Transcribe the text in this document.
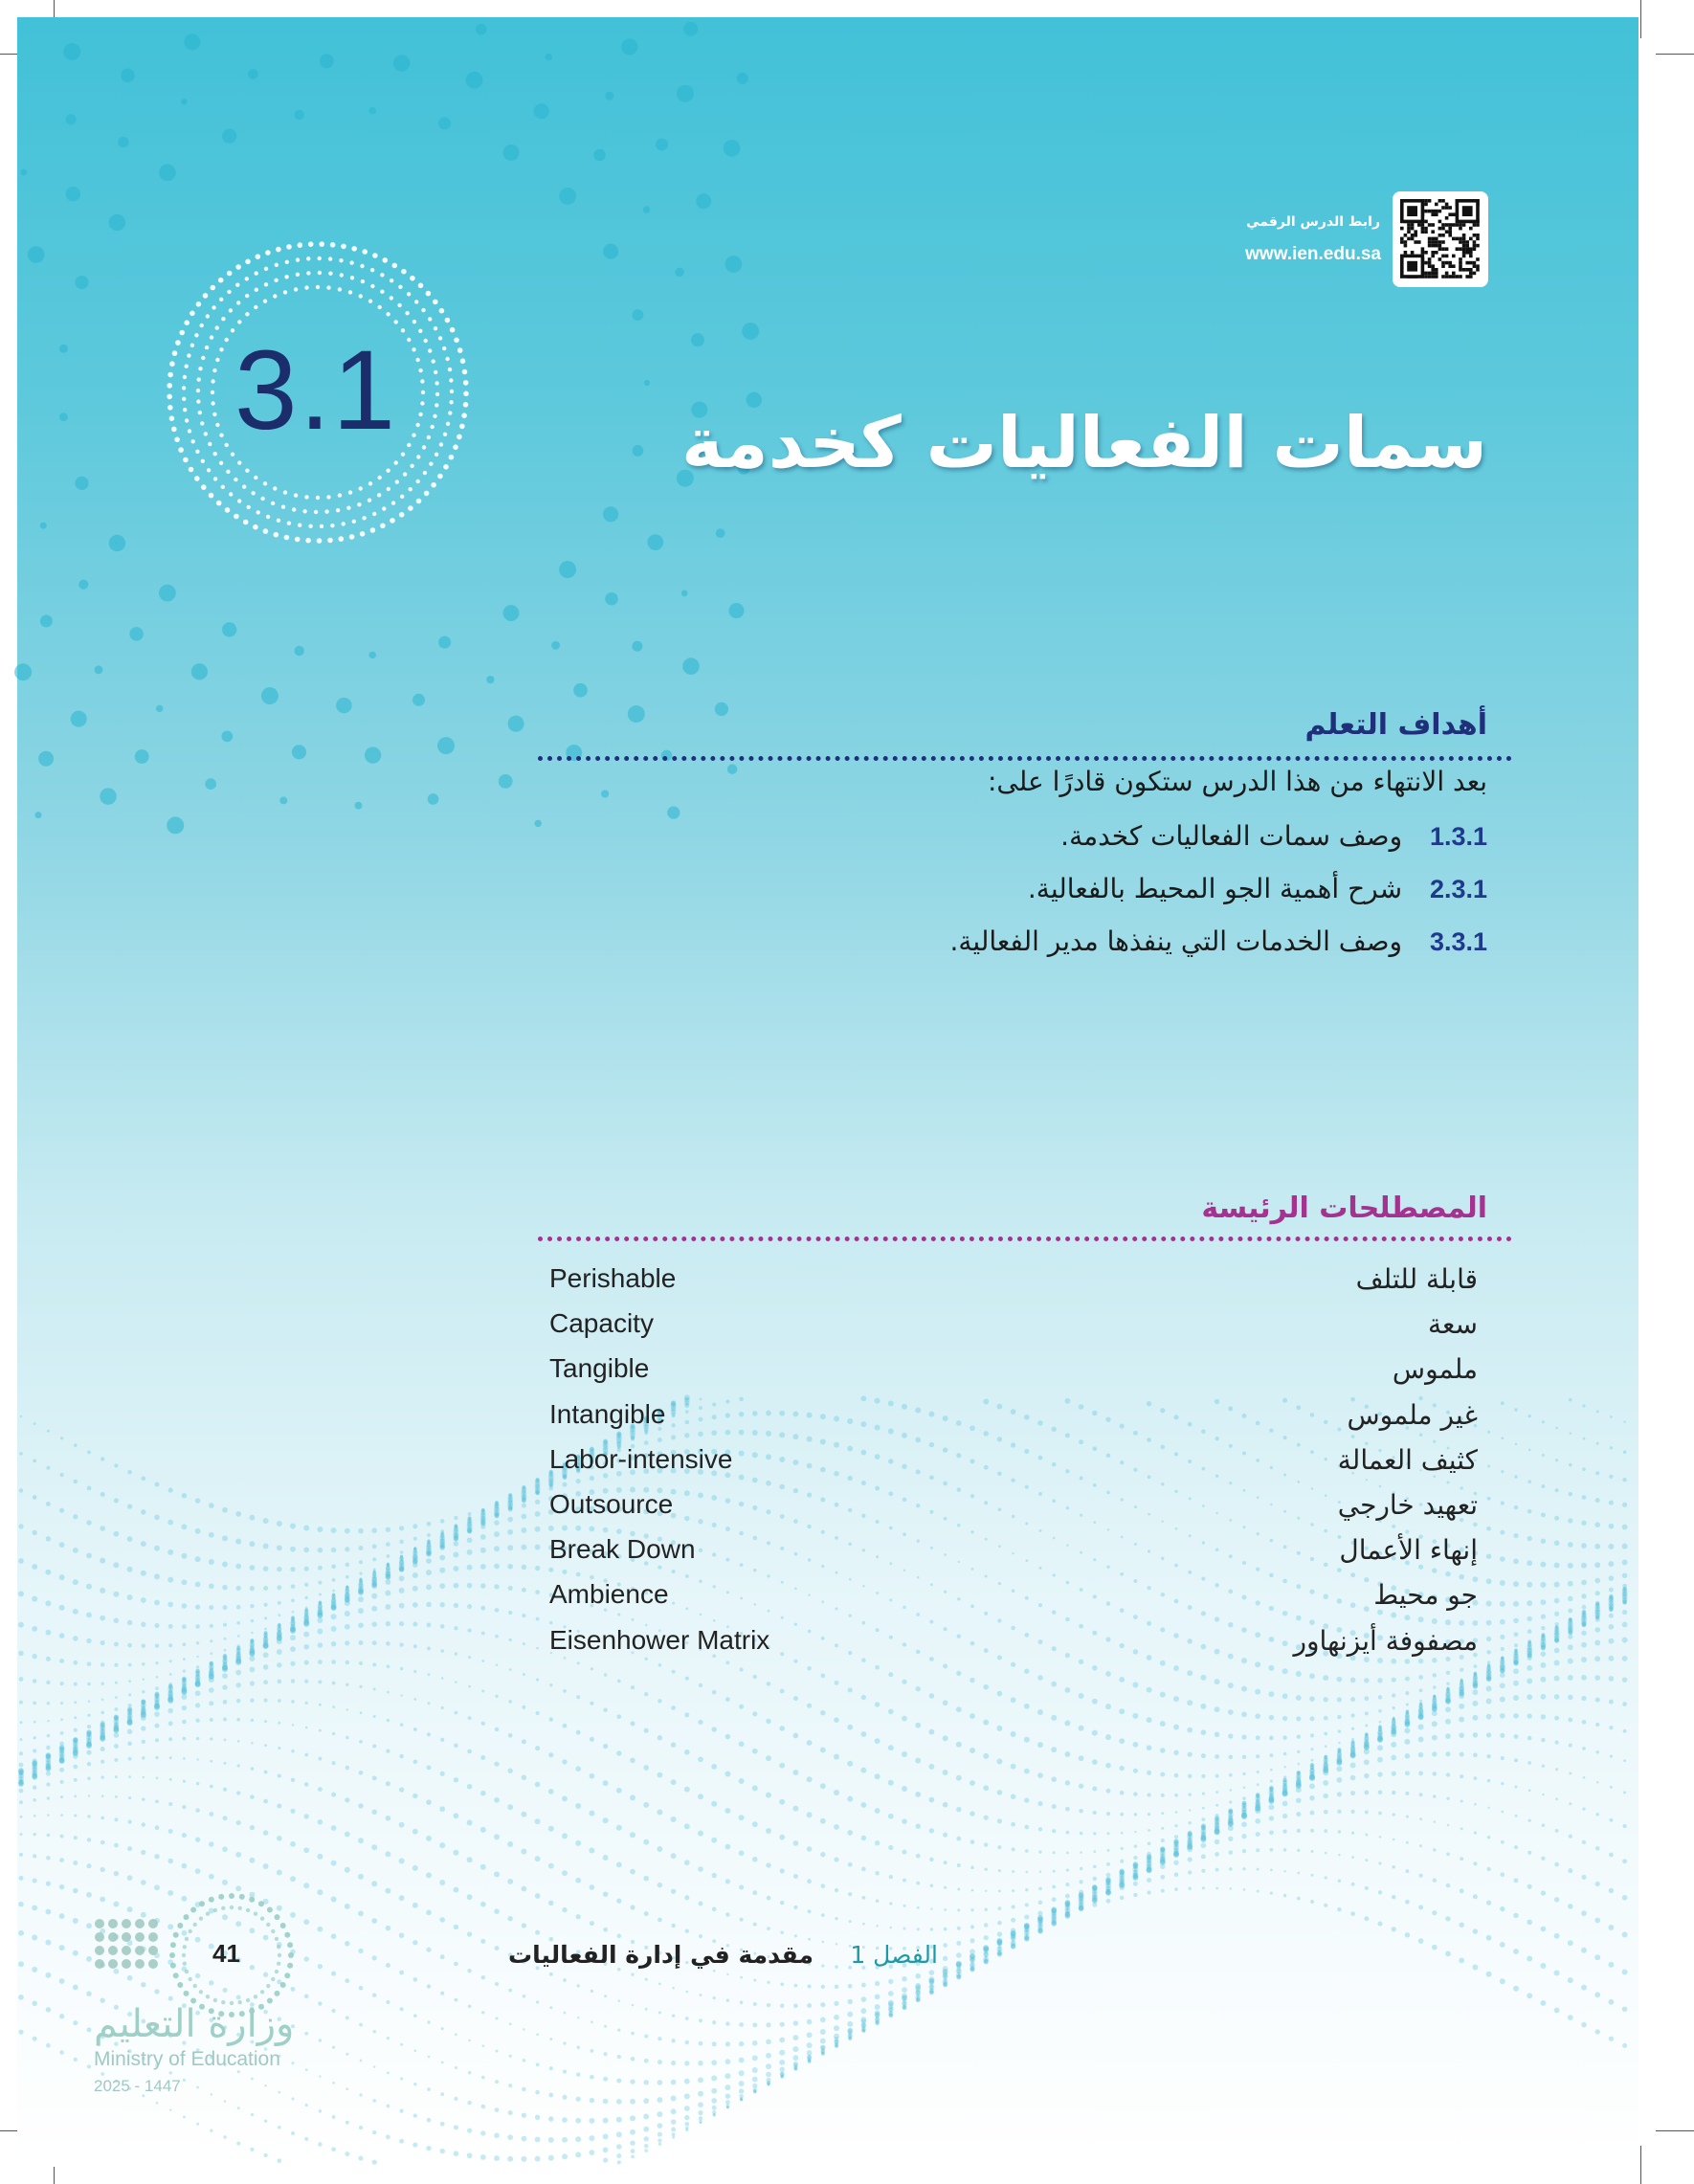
رابط الدرس الرقمي
www.ien.edu.sa
3.1	سمات الفعاليات كخدمة
أهداف التعلم
بعد الانتهاء من هذا الدرس ستكون قادرًا على:
1.3.1 وصف سمات الفعاليات كخدمة.
2.3.1 شرح أهمية الجو المحيط بالفعالية.
3.3.1 وصف الخدمات التي ينفذها مدير الفعالية.
المصطلحات الرئيسة
Perishable	قابلة للتلف
Capacity	سعة
Tangible	ملموس
Intangible	غير ملموس
Labor-intensive	كثيف العمالة
Outsource	تعهيد خارجي
Break Down	إنهاء الأعمال
Ambience	جو محيط
Eisenhower Matrix	مصفوفة أيزنهاور
الفصل 1
مقدمة في إدارة الفعاليات
41
وزارة التعليم
Ministry of Education
2025 - 1447
